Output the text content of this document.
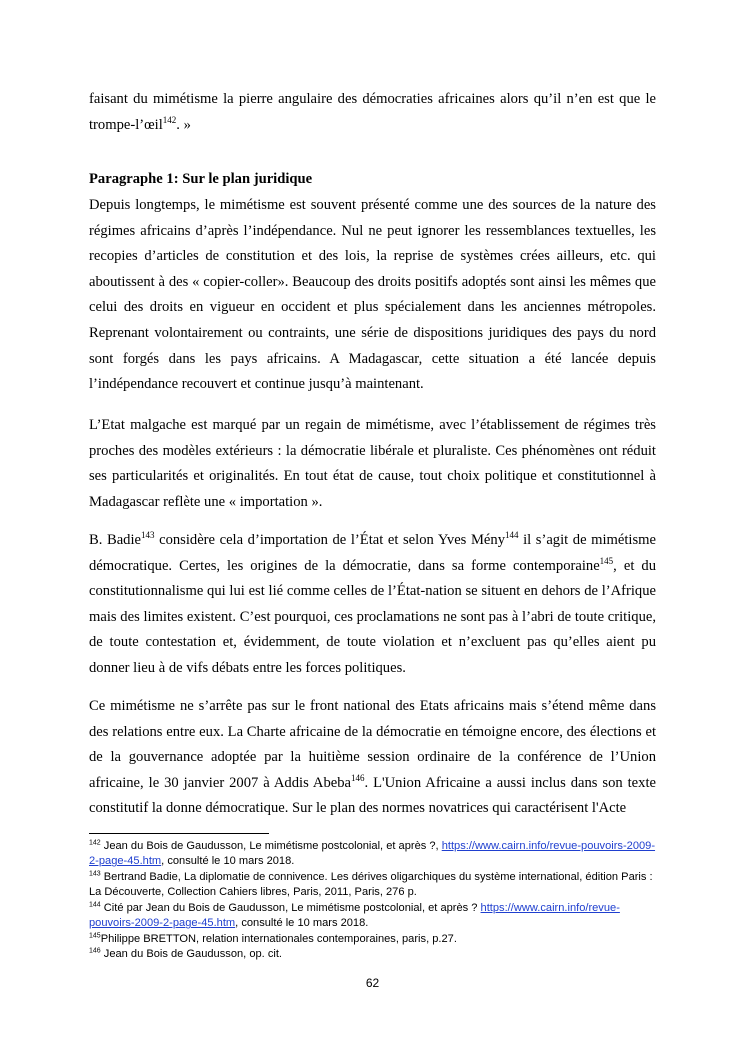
faisant du mimétisme la pierre angulaire des démocraties africaines alors qu’il n’en est que le trompe-l’œil$^{142}$. »

Paragraphe 1: Sur le plan juridique

Depuis longtemps, le mimétisme est souvent présenté comme une des sources de la nature des régimes africains d’après l’indépendance. Nul ne peut ignorer les ressemblances textuelles, les recopies d’articles de constitution et des lois, la reprise de systèmes crées ailleurs, etc. qui aboutissent à des « copier-coller». Beaucoup des droits positifs adoptés sont ainsi les mêmes que celui des droits en vigueur en occident et plus spécialement dans les anciennes métropoles. Reprenant volontairement ou contraints, une série de dispositions juridiques des pays du nord sont forgés dans les pays africains. A Madagascar, cette situation a été lancée depuis l’indépendance recouvert et continue jusqu’à maintenant.

L’Etat malgache est marqué par un regain de mimétisme, avec l’établissement de régimes très proches des modèles extérieurs : la démocratie libérale et pluraliste. Ces phénomènes ont réduit ses particularités et originalités. En tout état de cause, tout choix politique et constitutionnel à Madagascar reflète une « importation ».

B. Badie$^{143}$ considère cela d’importation de l’État et selon Yves Mény$^{144}$ il s’agit de mimétisme démocratique. Certes, les origines de la démocratie, dans sa forme contemporaine$^{145}$, et du constitutionnalisme qui lui est lié comme celles de l’État-nation se situent en dehors de l’Afrique mais des limites existent. C’est pourquoi, ces proclamations ne sont pas à l’abri de toute critique, de toute contestation et, évidemment, de toute violation et n’excluent pas qu’elles aient pu donner lieu à de vifs débats entre les forces politiques.

Ce mimétisme ne s’arrête pas sur le front national des Etats africains mais s’étend même dans des relations entre eux. La Charte africaine de la démocratie en témoigne encore, des élections et de la gouvernance adoptée par la huitième session ordinaire de la conférence de l’Union africaine, le 30 janvier 2007 à Addis Abeba$^{146}$. L'Union Africaine a aussi inclus dans son texte constitutif la donne démocratique. Sur le plan des normes novatrices qui caractérisent l'Acte

$^{142}$ Jean du Bois de Gaudusson, Le mimétisme postcolonial, et après ?, https://www.cairn.info/revue-pouvoirs-2009-2-page-45.htm, consulté le 10 mars 2018.

$^{143}$ Bertrand Badie, La diplomatie de connivence. Les dérives oligarchiques du système international, édition Paris : La Découverte, Collection Cahiers libres, Paris, 2011, Paris, 276 p.

$^{144}$ Cité par Jean du Bois de Gaudusson, Le mimétisme postcolonial, et après ? https://www.cairn.info/revue-pouvoirs-2009-2-page-45.htm, consulté le 10 mars 2018.

$^{145}$Philippe BRETTON, relation internationales contemporaines, paris, p.27.

$^{146}$ Jean du Bois de Gaudusson, op. cit.

62
